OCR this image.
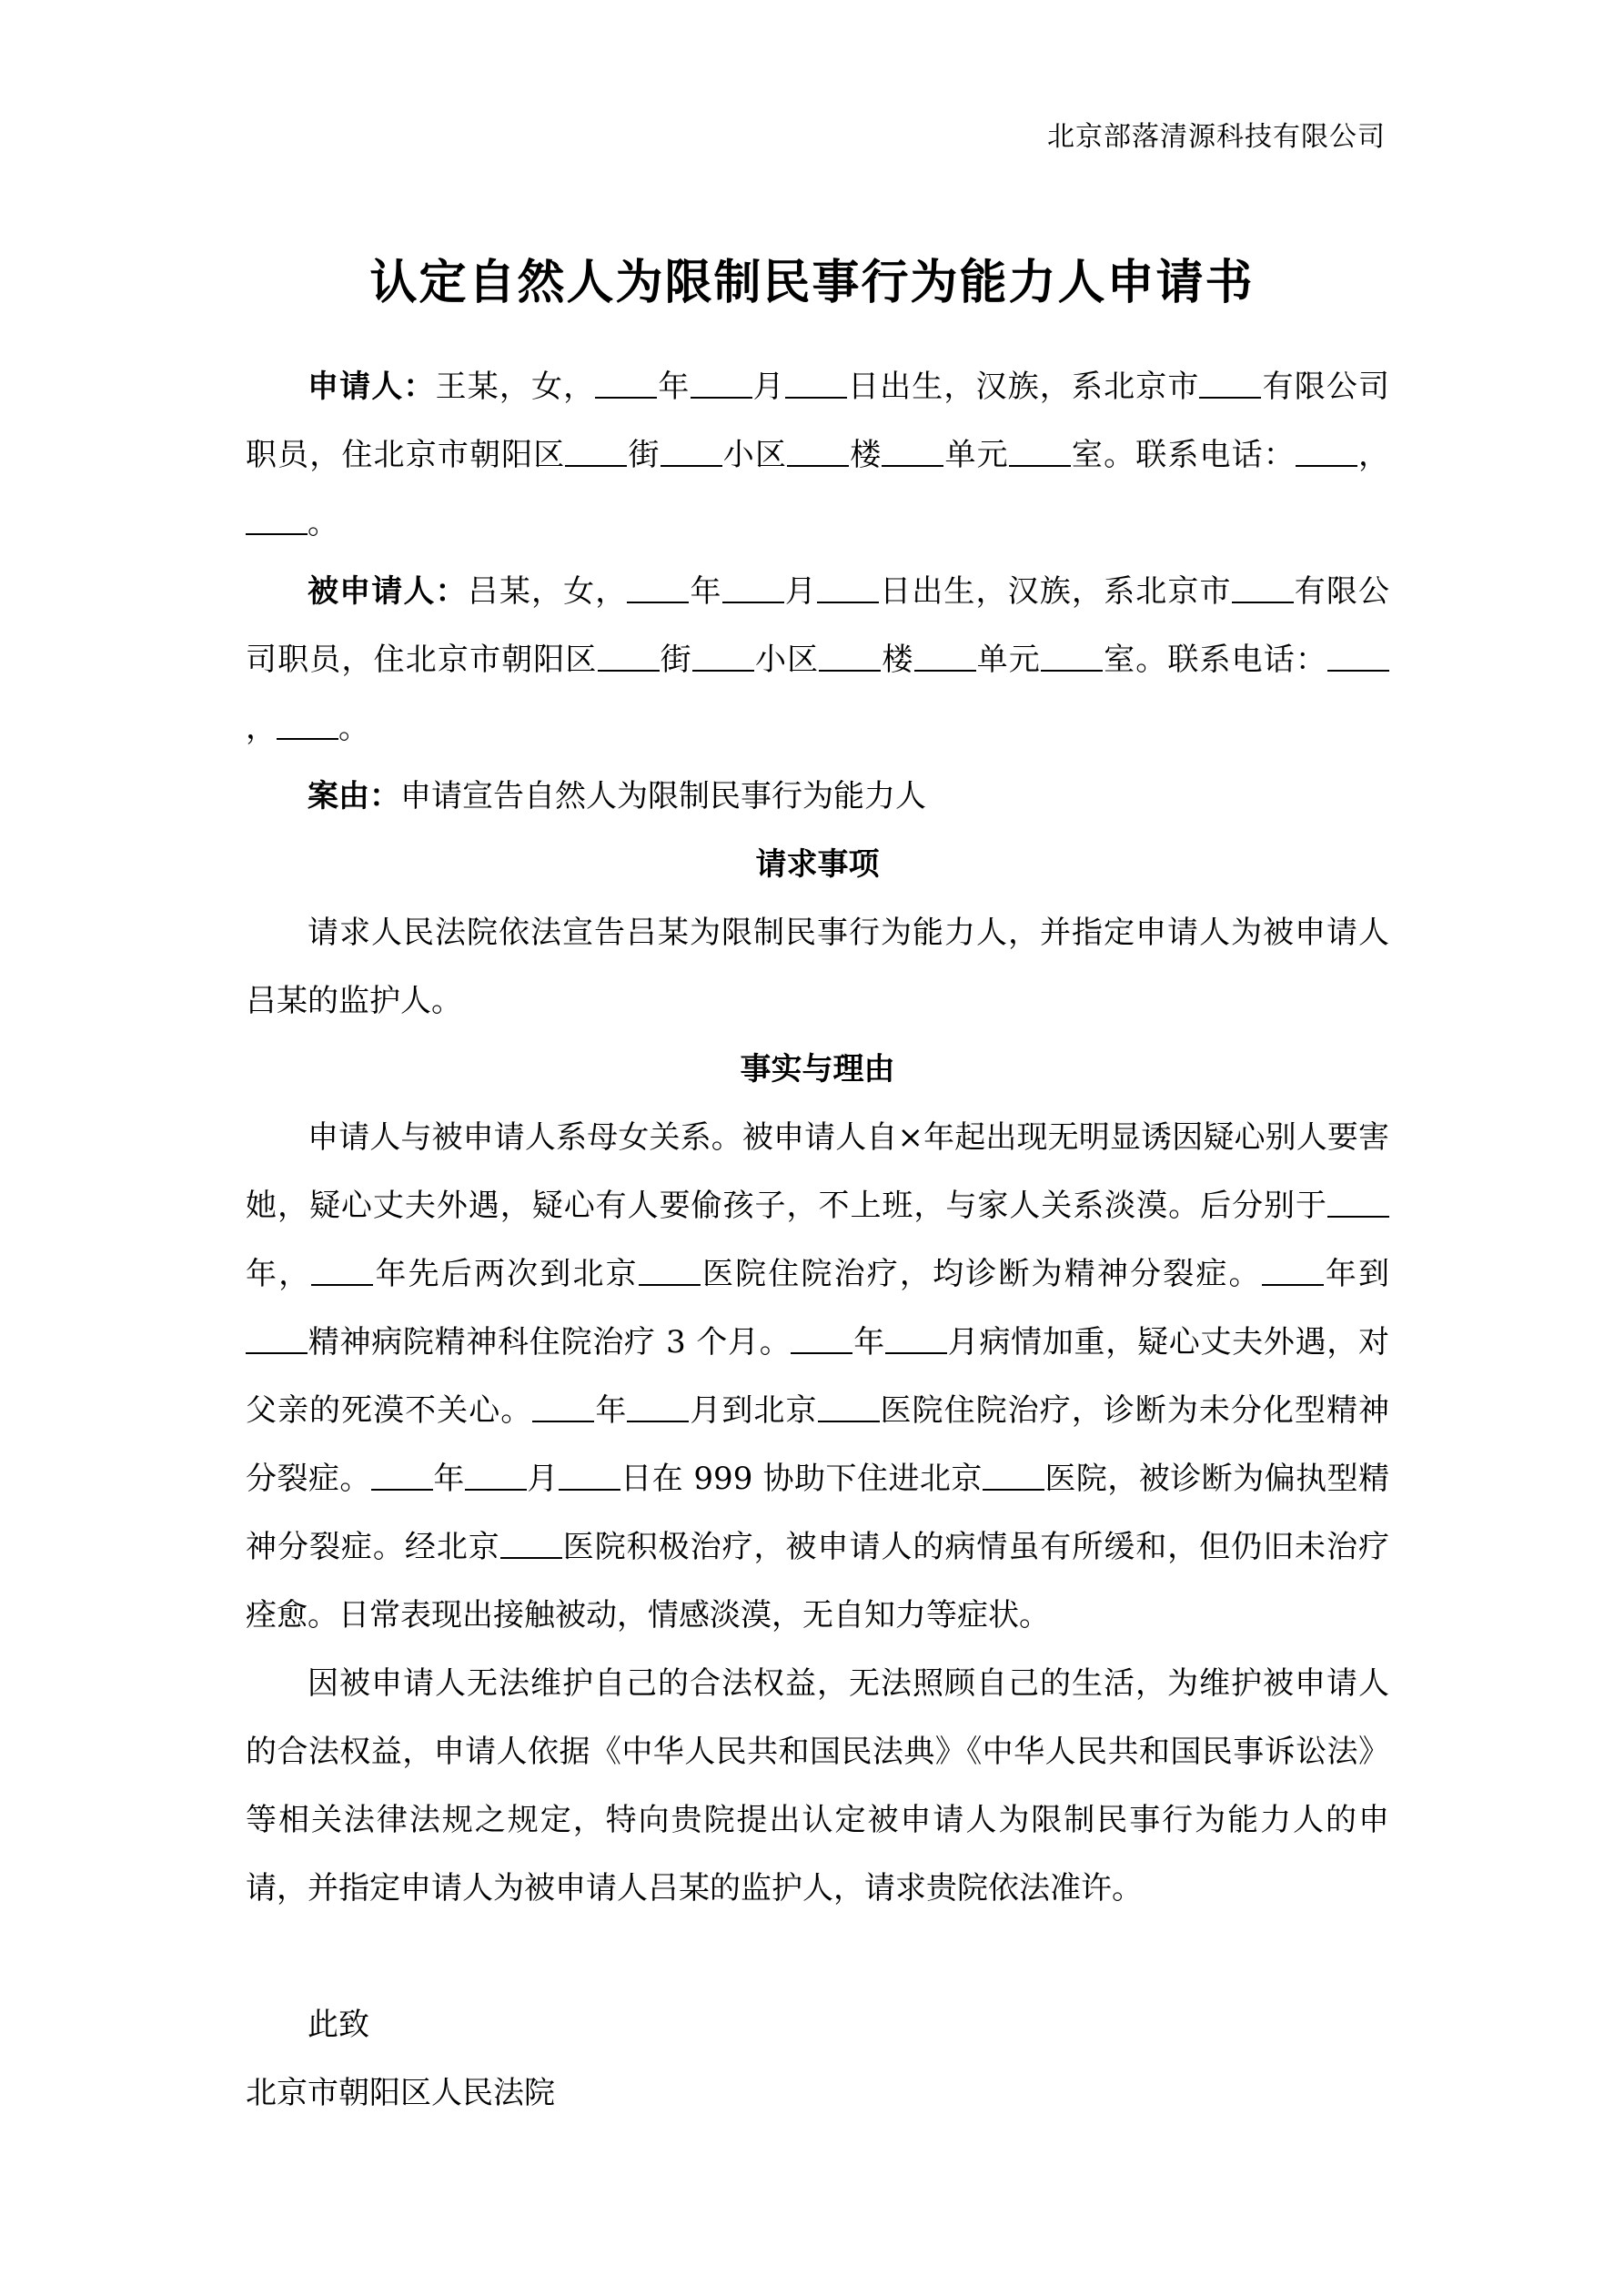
北京部落清源科技有限公司
认定自然人为限制民事行为能力人申请书

申请人：王某，女， 年 月 日出生，汉族，系北京市 有限公司职员，住北京市朝阳区 街 小区 楼 单元 室。联系电话： ，。

被申请人：吕某，女， 年 月 日出生，汉族，系北京市 有限公司职员，住北京市朝阳区 街 小区 楼 单元 室。联系电话：， 。

案由：申请宣告自然人为限制民事行为能力人

请求事项

请求人民法院依法宣告吕某为限制民事行为能力人，并指定申请人为被申请人吕某的监护人。

事实与理由

申请人与被申请人系母女关系。被申请人自×年起出现无明显诱因疑心别人要害她，疑心丈夫外遇，疑心有人要偷孩子，不上班，与家人关系淡漠。后分别于年， 年先后两次到北京 医院住院治疗，均诊断为精神分裂症。 年到精神病院精神科住院治疗 3 个月。 年 月病情加重，疑心丈夫外遇，对父亲的死漠不关心。 年 月到北京 医院住院治疗，诊断为未分化型精神分裂症。 年 月 日在 999 协助下住进北京 医院，被诊断为偏执型精神分裂症。经北京 医院积极治疗，被申请人的病情虽有所缓和，但仍旧未治疗痊愈。日常表现出接触被动，情感淡漠，无自知力等症状。

因被申请人无法维护自己的合法权益，无法照顾自己的生活，为维护被申请人的合法权益，申请人依据《中华人民共和国民法典》《中华人民共和国民事诉讼法》等相关法律法规之规定，特向贵院提出认定被申请人为限制民事行为能力人的申请，并指定申请人为被申请人吕某的监护人，请求贵院依法准许。

此致

北京市朝阳区人民法院
